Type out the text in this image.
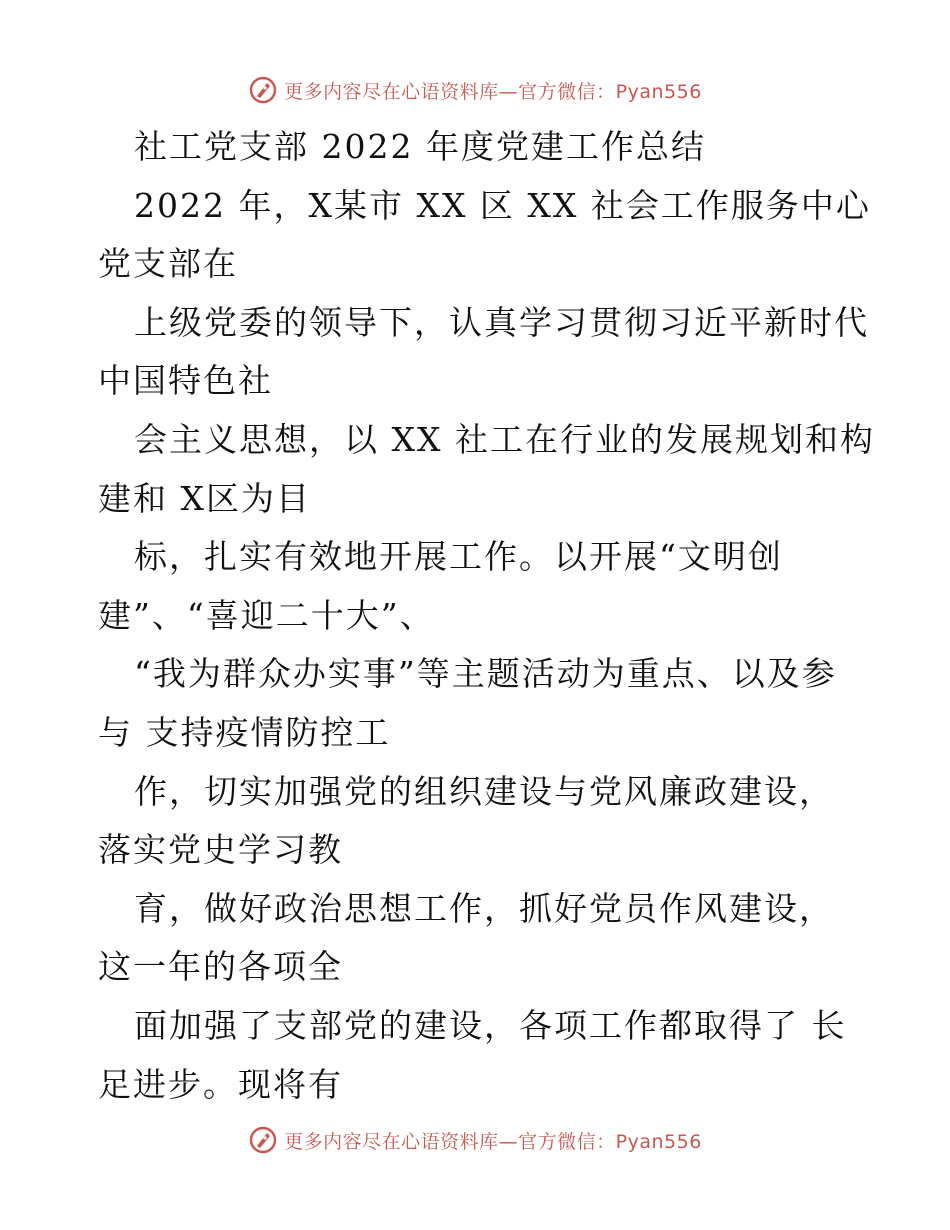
更多内容尽在心语资料库—官方微信：Pyan556
社工党支部 2022 年度党建工作总结
2022 年，X某市 XX 区 XX 社会工作服务中心
党支部在
上级党委的领导下，认真学习贯彻习近平新时代
中国特色社
会主义思想，以 XX 社工在行业的发展规划和构
建和 X区为目
标，扎实有效地开展工作。以开展“文明创
建”、“喜迎二十大”、
“我为群众办实事”等主题活动为重点、以及参
与 支持疫情防控工
作，切实加强党的组织建设与党风廉政建设，
落实党史学习教
育，做好政治思想工作，抓好党员作风建设，
这一年的各项全
面加强了支部党的建设，各项工作都取得了 长
足进步。现将有
更多内容尽在心语资料库—官方微信：Pyan556
